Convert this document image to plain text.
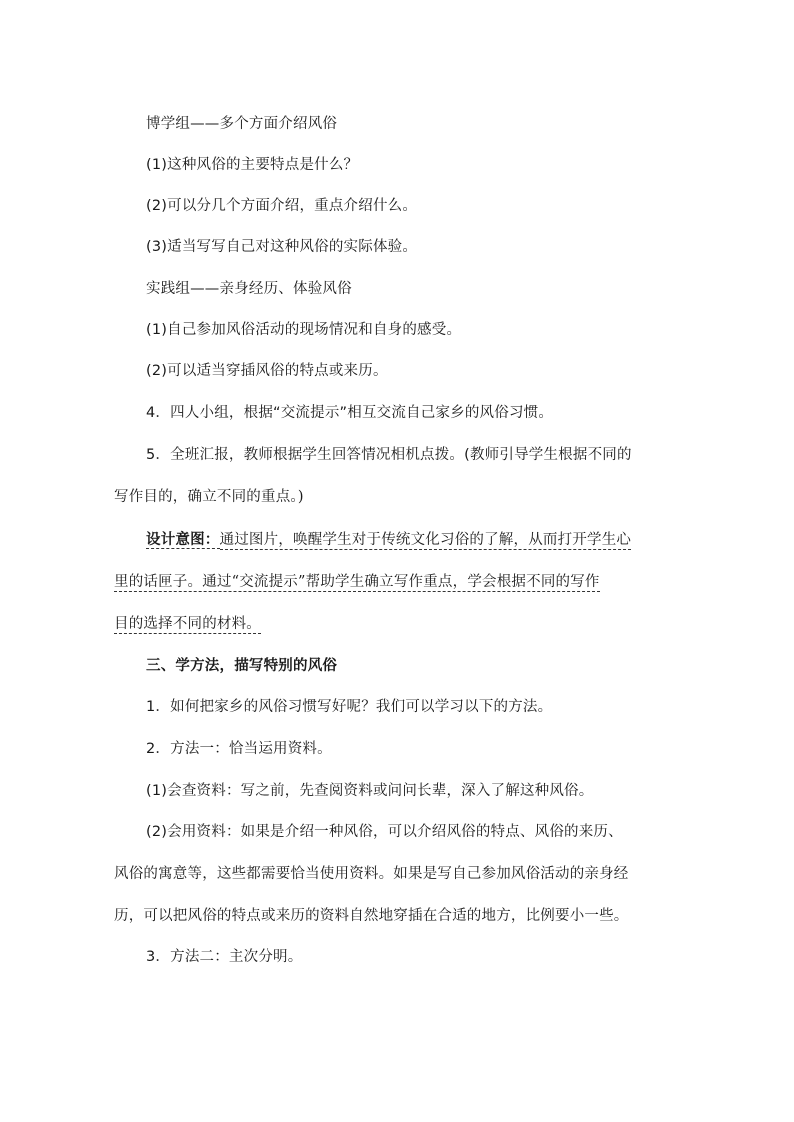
博学组——多个方面介绍风俗
(1)这种风俗的主要特点是什么？
(2)可以分几个方面介绍，重点介绍什么。
(3)适当写写自己对这种风俗的实际体验。
实践组——亲身经历、体验风俗
(1)自己参加风俗活动的现场情况和自身的感受。
(2)可以适当穿插风俗的特点或来历。
4．四人小组，根据“交流提示”相互交流自己家乡的风俗习惯。
5．全班汇报，教师根据学生回答情况相机点拨。(教师引导学生根据不同的
写作目的，确立不同的重点。)
设计意图：通过图片，唤醒学生对于传统文化习俗的了解，从而打开学生心
里的话匣子。通过“交流提示”帮助学生确立写作重点，学会根据不同的写作
目的选择不同的材料。
三、学方法，描写特别的风俗
1．如何把家乡的风俗习惯写好呢？我们可以学习以下的方法。
2．方法一：恰当运用资料。
(1)会查资料：写之前，先查阅资料或问问长辈，深入了解这种风俗。
(2)会用资料：如果是介绍一种风俗，可以介绍风俗的特点、风俗的来历、
风俗的寓意等，这些都需要恰当使用资料。如果是写自己参加风俗活动的亲身经
历，可以把风俗的特点或来历的资料自然地穿插在合适的地方，比例要小一些。
3．方法二：主次分明。
